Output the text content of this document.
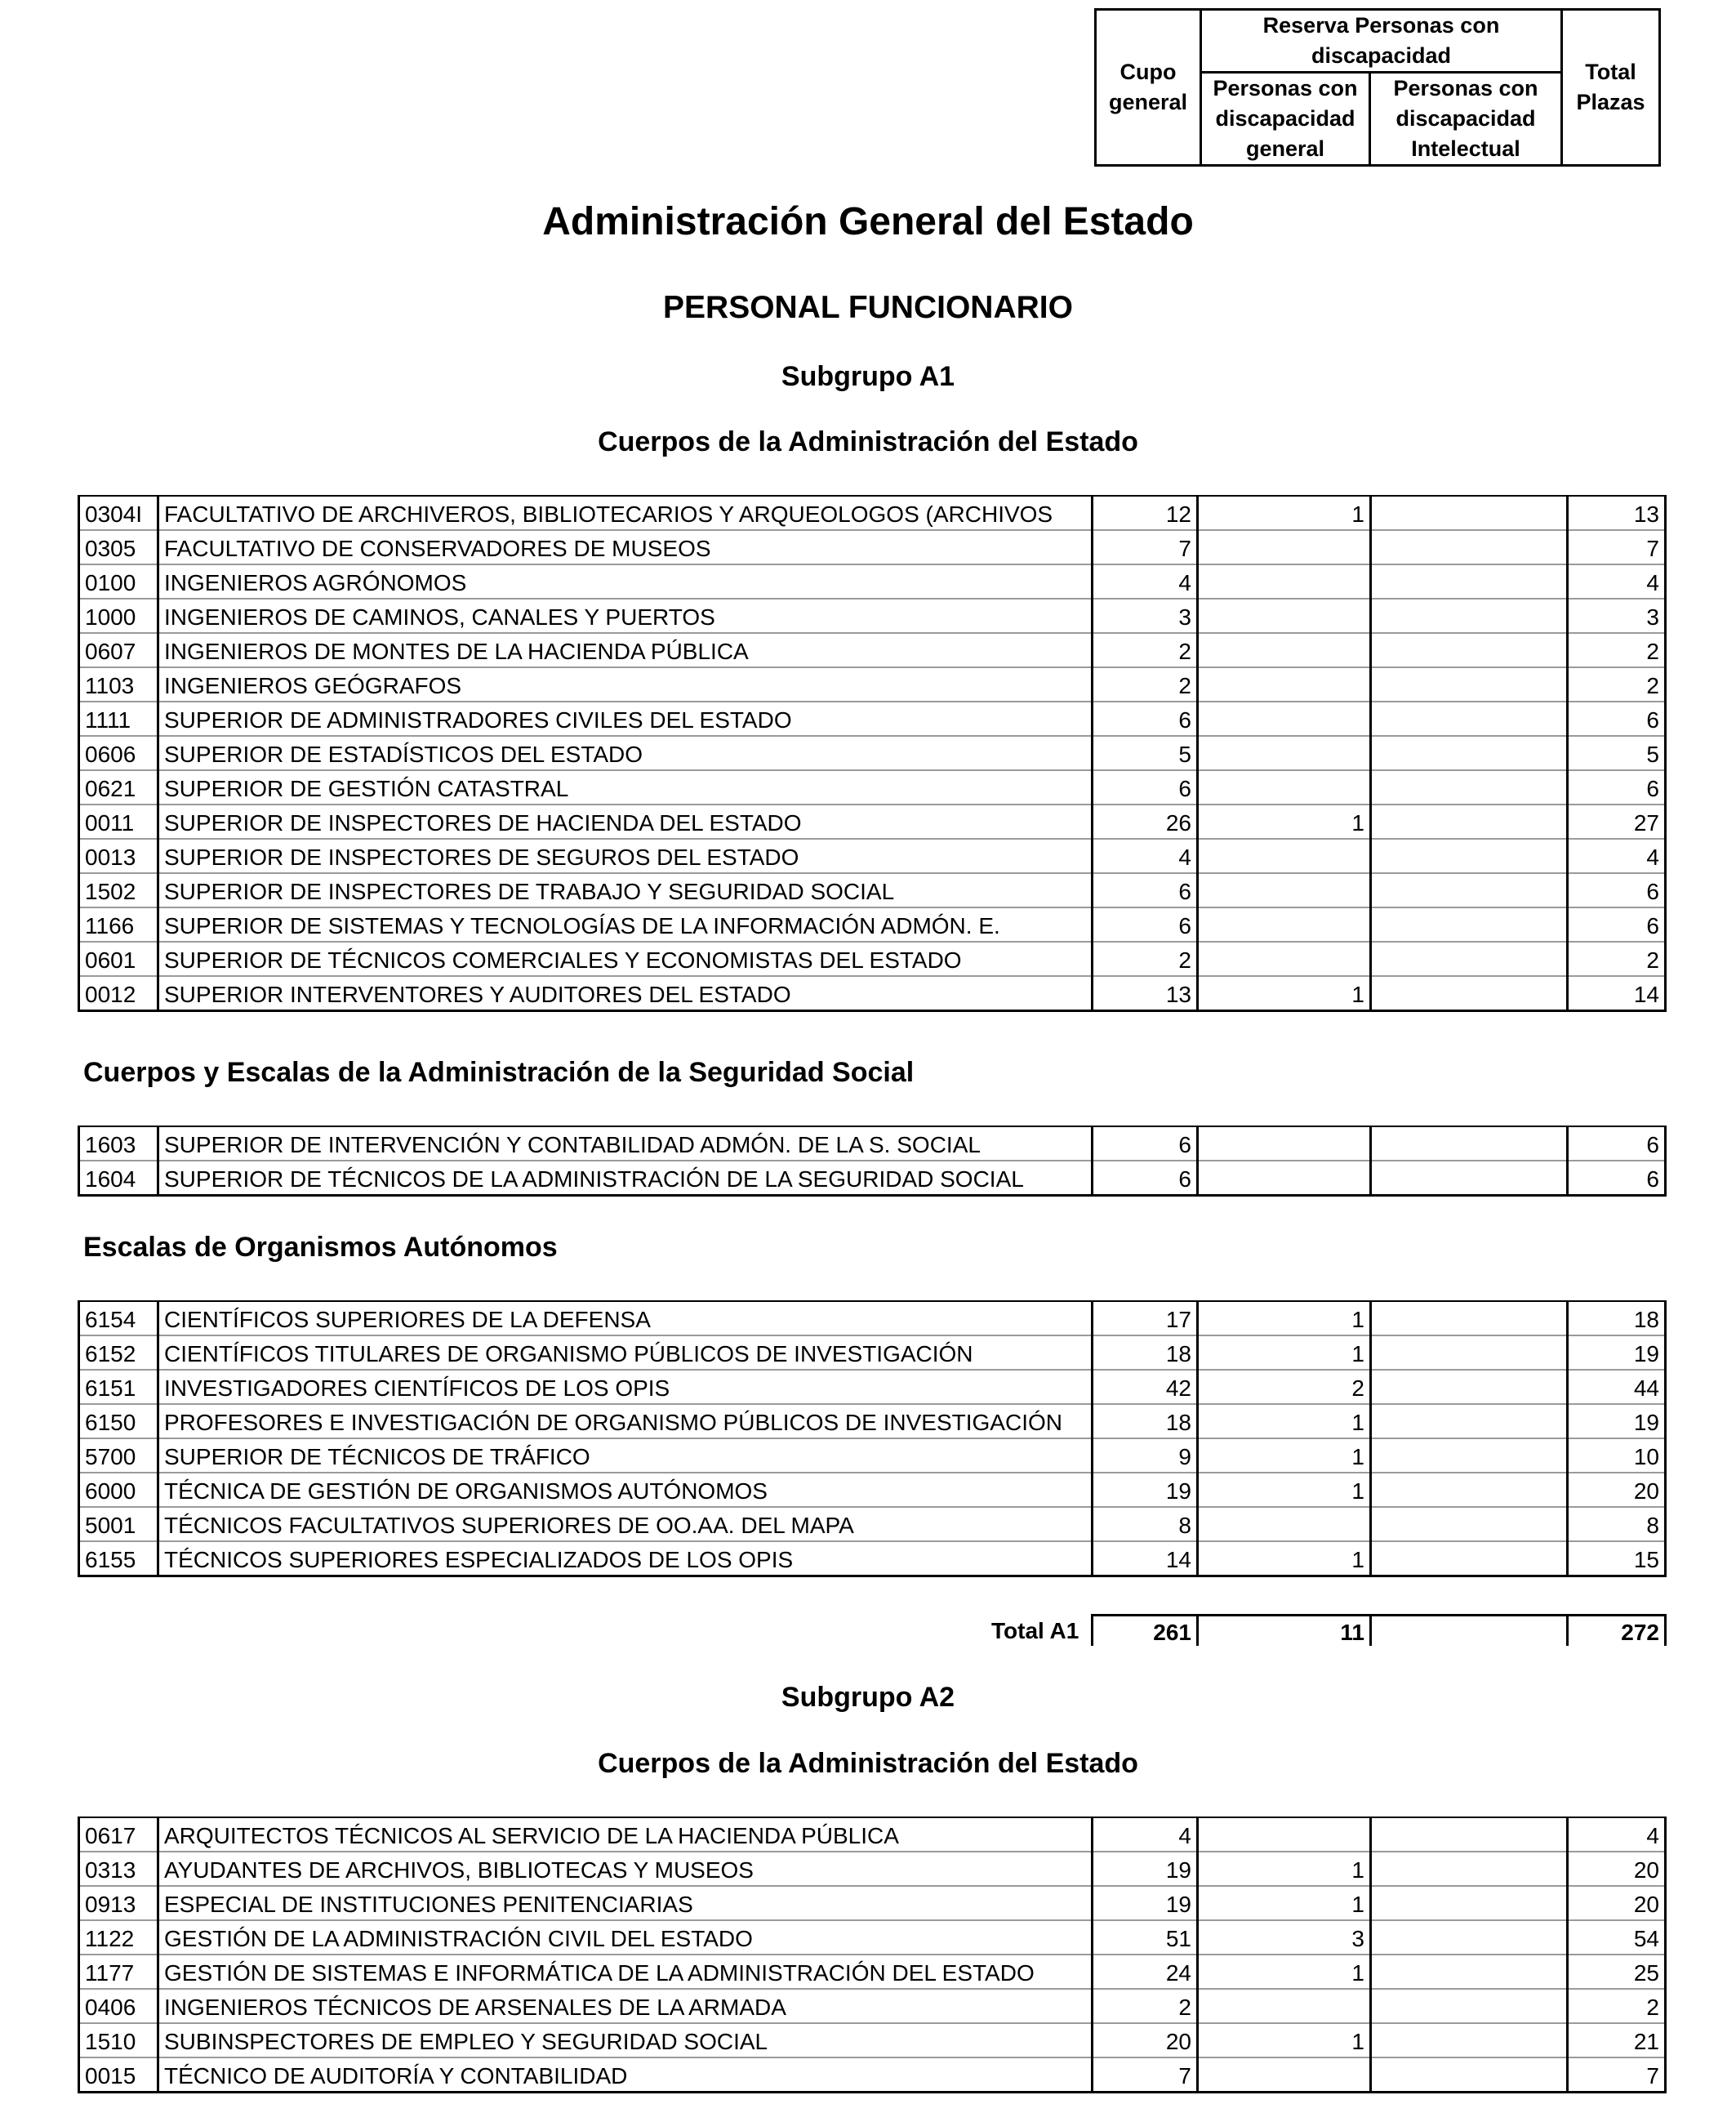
Cupo general	Reserva Personas con discapacidad		Total Plazas
	Personas con discapacidad general	Personas con discapacidad Intelectual	
Administración General del Estado
PERSONAL FUNCIONARIO
Subgrupo A1
Cuerpos de la Administración del Estado
0304I	FACULTATIVO DE ARCHIVEROS, BIBLIOTECARIOS Y ARQUEOLOGOS (ARCHIVOS	12	1		13
0305	FACULTATIVO DE CONSERVADORES DE MUSEOS	7			7
0100	INGENIEROS AGRÓNOMOS	4			4
1000	INGENIEROS DE CAMINOS, CANALES Y PUERTOS	3			3
0607	INGENIEROS DE MONTES DE LA HACIENDA PÚBLICA	2			2
1103	INGENIEROS GEÓGRAFOS	2			2
1111	SUPERIOR DE ADMINISTRADORES CIVILES DEL ESTADO	6			6
0606	SUPERIOR DE ESTADÍSTICOS DEL ESTADO	5			5
0621	SUPERIOR DE GESTIÓN CATASTRAL	6			6
0011	SUPERIOR DE INSPECTORES DE HACIENDA DEL ESTADO	26	1		27
0013	SUPERIOR DE INSPECTORES DE SEGUROS DEL ESTADO	4			4
1502	SUPERIOR DE INSPECTORES DE TRABAJO Y SEGURIDAD SOCIAL	6			6
1166	SUPERIOR DE SISTEMAS Y TECNOLOGÍAS DE LA INFORMACIÓN ADMÓN. E.	6			6
0601	SUPERIOR DE TÉCNICOS COMERCIALES Y ECONOMISTAS DEL ESTADO	2			2
0012	SUPERIOR INTERVENTORES Y AUDITORES DEL ESTADO	13	1		14
Cuerpos y Escalas de la Administración de la Seguridad Social
1603	SUPERIOR DE INTERVENCIÓN Y CONTABILIDAD ADMÓN. DE LA S. SOCIAL	6			6
1604	SUPERIOR DE TÉCNICOS DE LA ADMINISTRACIÓN DE LA SEGURIDAD SOCIAL	6			6
Escalas de Organismos Autónomos
6154	CIENTÍFICOS SUPERIORES DE LA DEFENSA	17	1		18
6152	CIENTÍFICOS TITULARES DE ORGANISMO PÚBLICOS DE INVESTIGACIÓN	18	1		19
6151	INVESTIGADORES CIENTÍFICOS DE LOS OPIS	42	2		44
6150	PROFESORES E INVESTIGACIÓN DE ORGANISMO PÚBLICOS DE INVESTIGACIÓN	18	1		19
5700	SUPERIOR DE TÉCNICOS DE TRÁFICO	9	1		10
6000	TÉCNICA DE GESTIÓN DE ORGANISMOS AUTÓNOMOS	19	1		20
5001	TÉCNICOS FACULTATIVOS SUPERIORES DE OO.AA. DEL MAPA	8			8
6155	TÉCNICOS SUPERIORES ESPECIALIZADOS DE LOS OPIS	14	1		15
Total A1	261	11		272
Subgrupo A2
Cuerpos de la Administración del Estado
0617	ARQUITECTOS TÉCNICOS AL SERVICIO DE LA HACIENDA PÚBLICA	4			4
0313	AYUDANTES DE ARCHIVOS, BIBLIOTECAS Y MUSEOS	19	1		20
0913	ESPECIAL DE INSTITUCIONES PENITENCIARIAS	19	1		20
1122	GESTIÓN DE LA ADMINISTRACIÓN CIVIL DEL ESTADO	51	3		54
1177	GESTIÓN DE SISTEMAS E INFORMÁTICA DE LA ADMINISTRACIÓN DEL ESTADO	24	1		25
0406	INGENIEROS TÉCNICOS DE ARSENALES DE LA ARMADA	2			2
1510	SUBINSPECTORES DE EMPLEO Y SEGURIDAD SOCIAL	20	1		21
0015	TÉCNICO DE AUDITORÍA Y CONTABILIDAD	7			7
